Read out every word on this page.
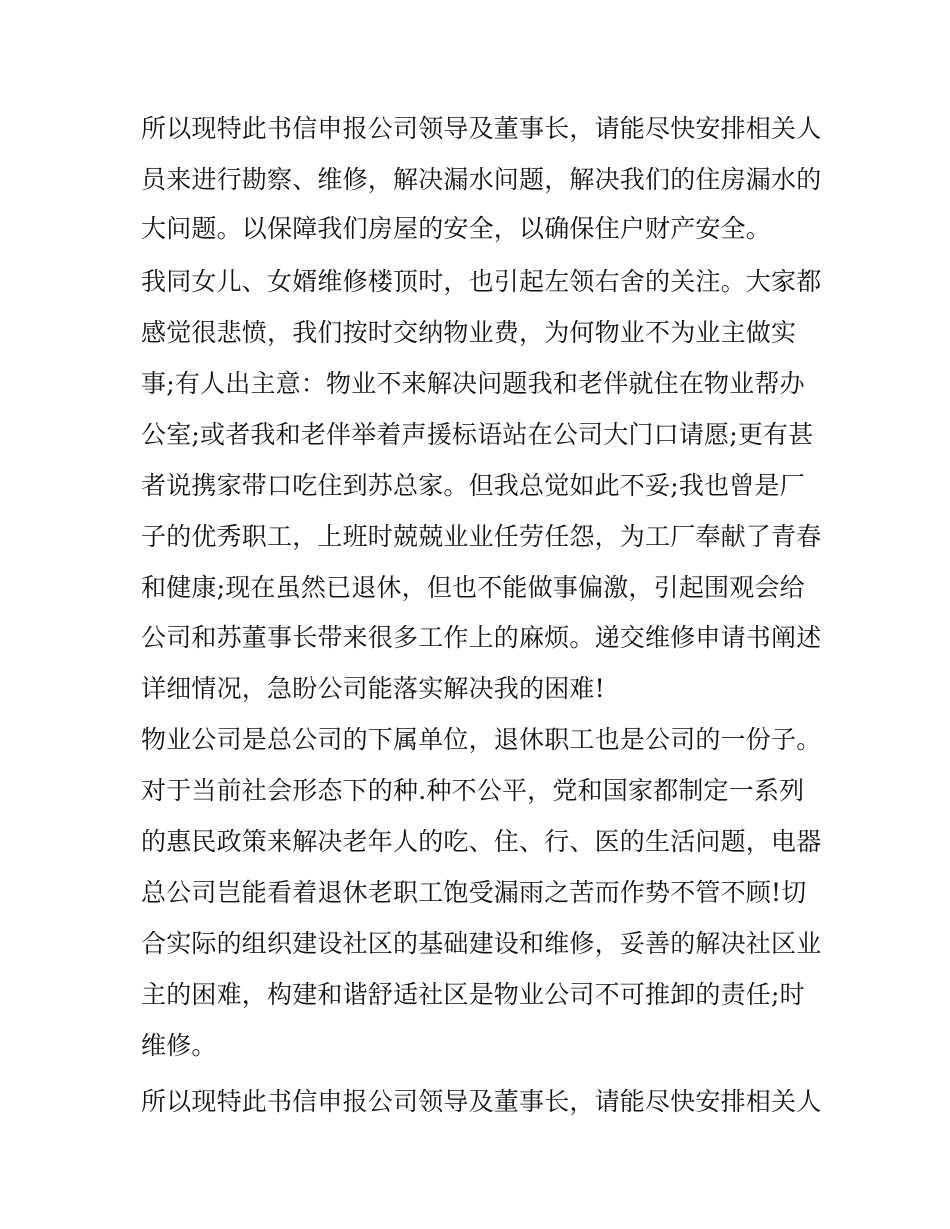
所以现特此书信申报公司领导及董事长，请能尽快安排相关人
员来进行勘察、维修，解决漏水问题，解决我们的住房漏水的
大问题。以保障我们房屋的安全，以确保住户财产安全。
我同女儿、女婿维修楼顶时，也引起左领右舍的关注。大家都
感觉很悲愤，我们按时交纳物业费，为何物业不为业主做实
事;有人出主意：物业不来解决问题我和老伴就住在物业帮办
公室;或者我和老伴举着声援标语站在公司大门口请愿;更有甚
者说携家带口吃住到苏总家。但我总觉如此不妥;我也曾是厂
子的优秀职工，上班时兢兢业业任劳任怨，为工厂奉献了青春
和健康;现在虽然已退休，但也不能做事偏激，引起围观会给
公司和苏董事长带来很多工作上的麻烦。递交维修申请书阐述
详细情况，急盼公司能落实解决我的困难!
物业公司是总公司的下属单位，退休职工也是公司的一份子。
对于当前社会形态下的种.种不公平，党和国家都制定一系列
的惠民政策来解决老年人的吃、住、行、医的生活问题，电器
总公司岂能看着退休老职工饱受漏雨之苦而作势不管不顾!切
合实际的组织建设社区的基础建设和维修，妥善的解决社区业
主的困难，构建和谐舒适社区是物业公司不可推卸的责任;时
维修。
所以现特此书信申报公司领导及董事长，请能尽快安排相关人
